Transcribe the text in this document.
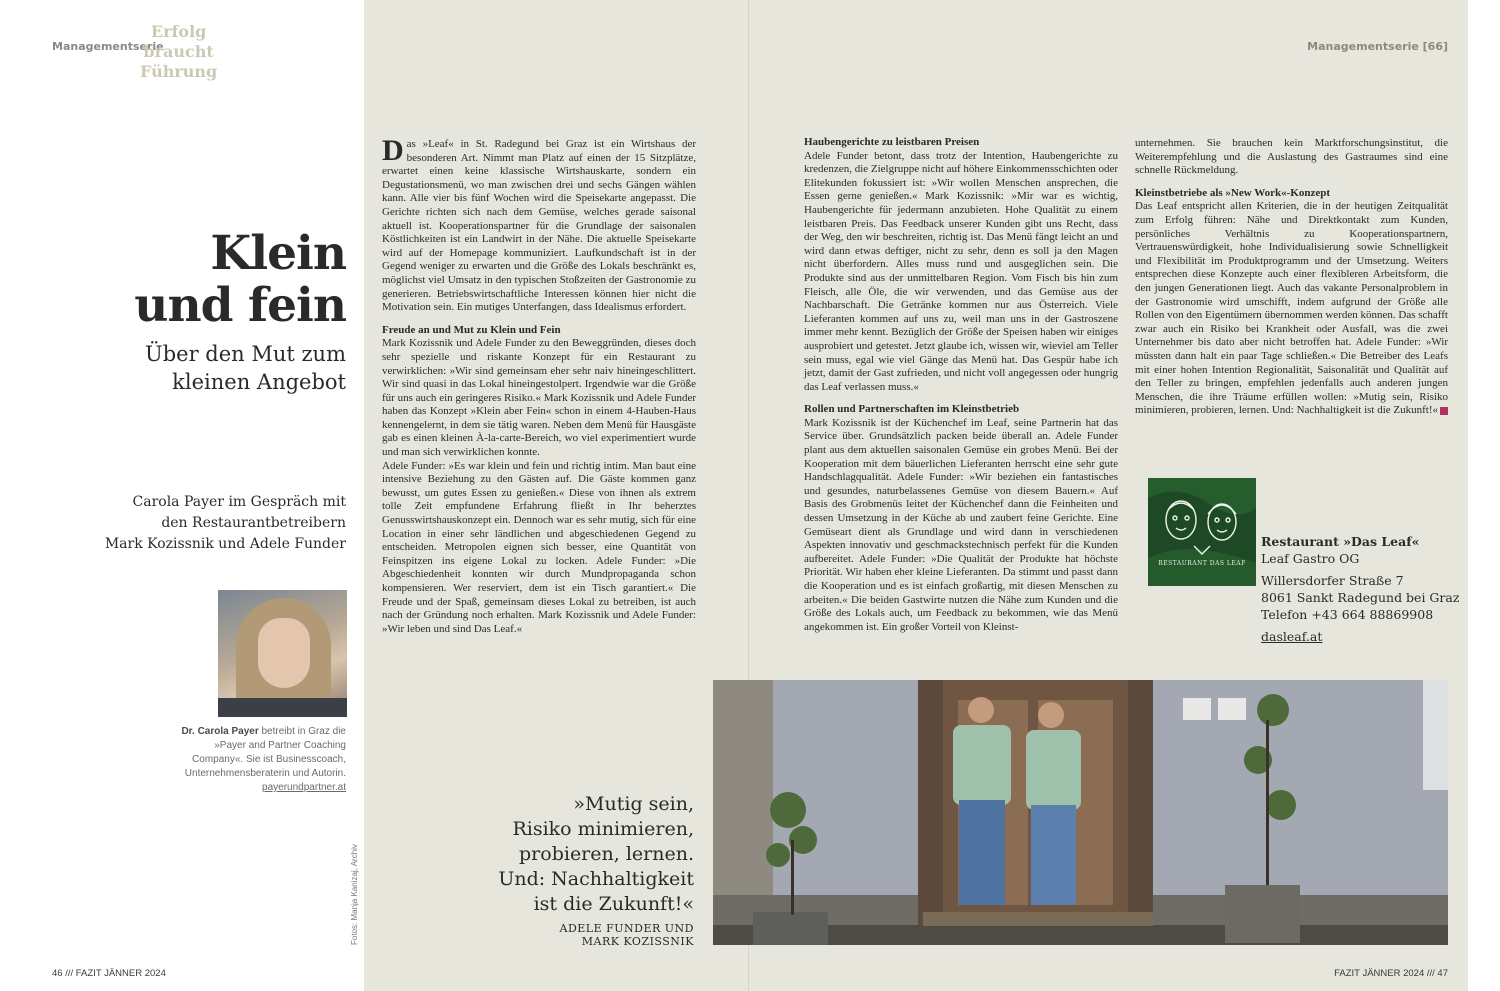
Managementserie
Erfolg
braucht
Führung
Managementserie [66]
Klein
und fein
Über den Mut zum
kleinen Angebot
Carola Payer im Gespräch mit
den Restaurantbetreibern
Mark Kozissnik und Adele Funder
Dr. Carola Payer betreibt in Graz die »Payer and Partner Coaching Company«. Sie ist Businesscoach, Unternehmensberaterin und Autorin. payerundpartner.at
Fotos: Manja Kanizaj, Archiv

Das »Leaf« in St. Radegund bei Graz ist ein Wirtshaus der besonderen Art. Nimmt man Platz auf einen der 15 Sitzplätze, erwartet einen keine klassische Wirtshauskarte, sondern ein Degustationsmenü, wo man zwischen drei und sechs Gängen wählen kann. Alle vier bis fünf Wochen wird die Speisekarte angepasst. Die Gerichte richten sich nach dem Gemüse, welches gerade saisonal aktuell ist. Kooperationspartner für die Grundlage der saisonalen Köstlichkeiten ist ein Landwirt in der Nähe. Die aktuelle Speisekarte wird auf der Homepage kommuniziert. Laufkundschaft ist in der Gegend weniger zu erwarten und die Größe des Lokals beschränkt es, möglichst viel Umsatz in den typischen Stoßzeiten der Gastronomie zu generieren. Betriebswirtschaftliche Interessen können hier nicht die Motivation sein. Ein mutiges Unterfangen, dass Idealismus erfordert.

Freude an und Mut zu Klein und Fein

Mark Kozissnik und Adele Funder zu den Beweggründen, dieses doch sehr spezielle und riskante Konzept für ein Restaurant zu verwirklichen: »Wir sind gemeinsam eher sehr naiv hineingeschlittert. Wir sind quasi in das Lokal hineingestolpert. Irgendwie war die Größe für uns auch ein geringeres Risiko.« Mark Kozissnik und Adele Funder haben das Konzept »Klein aber Fein« schon in einem 4-Hauben-Haus kennengelernt, in dem sie tätig waren. Neben dem Menü für Hausgäste gab es einen kleinen À-la-carte-Bereich, wo viel experimentiert wurde und man sich verwirklichen konnte.

Adele Funder: »Es war klein und fein und richtig intim. Man baut eine intensive Beziehung zu den Gästen auf. Die Gäste kommen ganz bewusst, um gutes Essen zu genießen.« Diese von ihnen als extrem tolle Zeit empfundene Erfahrung fließt in Ihr beherztes Genusswirtshauskonzept ein. Dennoch war es sehr mutig, sich für eine Location in einer sehr ländlichen und abgeschiedenen Gegend zu entscheiden. Metropolen eignen sich besser, eine Quantität von Feinspitzen ins eigene Lokal zu locken. Adele Funder: »Die Abgeschiedenheit konnten wir durch Mundpropaganda schon kompensieren. Wer reserviert, dem ist ein Tisch garantiert.« Die Freude und der Spaß, gemeinsam dieses Lokal zu betreiben, ist auch nach der Gründung noch erhalten. Mark Kozissnik und Adele Funder: »Wir leben und sind Das Leaf.«

Haubengerichte zu leistbaren Preisen

Adele Funder betont, dass trotz der Intention, Haubengerichte zu kredenzen, die Zielgruppe nicht auf höhere Einkommensschichten oder Elitekunden fokussiert ist: »Wir wollen Menschen ansprechen, die Essen gerne genießen.« Mark Kozissnik: »Mir war es wichtig, Haubengerichte für jedermann anzubieten. Hohe Qualität zu einem leistbaren Preis. Das Feedback unserer Kunden gibt uns Recht, dass der Weg, den wir beschreiten, richtig ist. Das Menü fängt leicht an und wird dann etwas deftiger, nicht zu sehr, denn es soll ja den Magen nicht überfordern. Alles muss rund und ausgeglichen sein. Die Produkte sind aus der unmittelbaren Region. Vom Fisch bis hin zum Fleisch, alle Öle, die wir verwenden, und das Gemüse aus der Nachbarschaft. Die Getränke kommen nur aus Österreich. Viele Lieferanten kommen auf uns zu, weil man uns in der Gastroszene immer mehr kennt. Bezüglich der Größe der Speisen haben wir einiges ausprobiert und getestet. Jetzt glaube ich, wissen wir, wieviel am Teller sein muss, egal wie viel Gänge das Menü hat. Das Gespür habe ich jetzt, damit der Gast zufrieden, und nicht voll angegessen oder hungrig das Leaf verlassen muss.«

Rollen und Partnerschaften im Kleinstbetrieb

Mark Kozissnik ist der Küchenchef im Leaf, seine Partnerin hat das Service über. Grundsätzlich packen beide überall an. Adele Funder plant aus dem aktuellen saisonalen Gemüse ein grobes Menü. Bei der Kooperation mit dem bäuerlichen Lieferanten herrscht eine sehr gute Handschlagqualität. Adele Funder: »Wir beziehen ein fantastisches und gesundes, naturbelassenes Gemüse von diesem Bauern.« Auf Basis des Grobmenüs leitet der Küchenchef dann die Feinheiten und dessen Umsetzung in der Küche ab und zaubert feine Gerichte. Eine Gemüseart dient als Grundlage und wird dann in verschiedenen Aspekten innovativ und geschmackstechnisch perfekt für die Kunden aufbereitet. Adele Funder: »Die Qualität der Produkte hat höchste Priorität. Wir haben eher kleine Lieferanten. Da stimmt und passt dann die Kooperation und es ist einfach großartig, mit diesen Menschen zu arbeiten.« Die beiden Gastwirte nutzen die Nähe zum Kunden und die Größe des Lokals auch, um Feedback zu bekommen, wie das Menü angekommen ist. Ein großer Vorteil von Kleinst-

unternehmen. Sie brauchen kein Marktforschungsinstitut, die Weiterempfehlung und die Auslastung des Gastraumes sind eine schnelle Rückmeldung.

Kleinstbetriebe als »New Work«-Konzept

Das Leaf entspricht allen Kriterien, die in der heutigen Zeitqualität zum Erfolg führen: Nähe und Direktkontakt zum Kunden, persönliches Verhältnis zu Kooperationspartnern, Vertrauenswürdigkeit, hohe Individualisierung sowie Schnelligkeit und Flexibilität im Produktprogramm und der Umsetzung. Weiters entsprechen diese Konzepte auch einer flexibleren Arbeitsform, die den jungen Generationen liegt. Auch das vakante Personalproblem in der Gastronomie wird umschifft, indem aufgrund der Größe alle Rollen von den Eigentümern übernommen werden können. Das schafft zwar auch ein Risiko bei Krankheit oder Ausfall, was die zwei Unternehmer bis dato aber nicht betroffen hat. Adele Funder: »Wir müssten dann halt ein paar Tage schließen.« Die Betreiber des Leafs mit einer hohen Intention Regionalität, Saisonalität und Qualität auf den Teller zu bringen, empfehlen jedenfalls auch anderen jungen Menschen, die ihre Träume erfüllen wollen: »Mutig sein, Risiko minimieren, probieren, lernen. Und: Nachhaltigkeit ist die Zukunft!«

»Mutig sein,
Risiko minimieren,
probieren, lernen.
Und: Nachhaltigkeit
ist die Zukunft!«
ADELE FUNDER UND
MARK KOZISSNIK
RESTAURANT DAS LEAF
Restaurant »Das Leaf«
Leaf Gastro OG
Willersdorfer Straße 7
8061 Sankt Radegund bei Graz
Telefon +43 664 88869908
dasleaf.at
46 /// FAZIT JÄNNER 2024	FAZIT JÄNNER 2024 /// 47
